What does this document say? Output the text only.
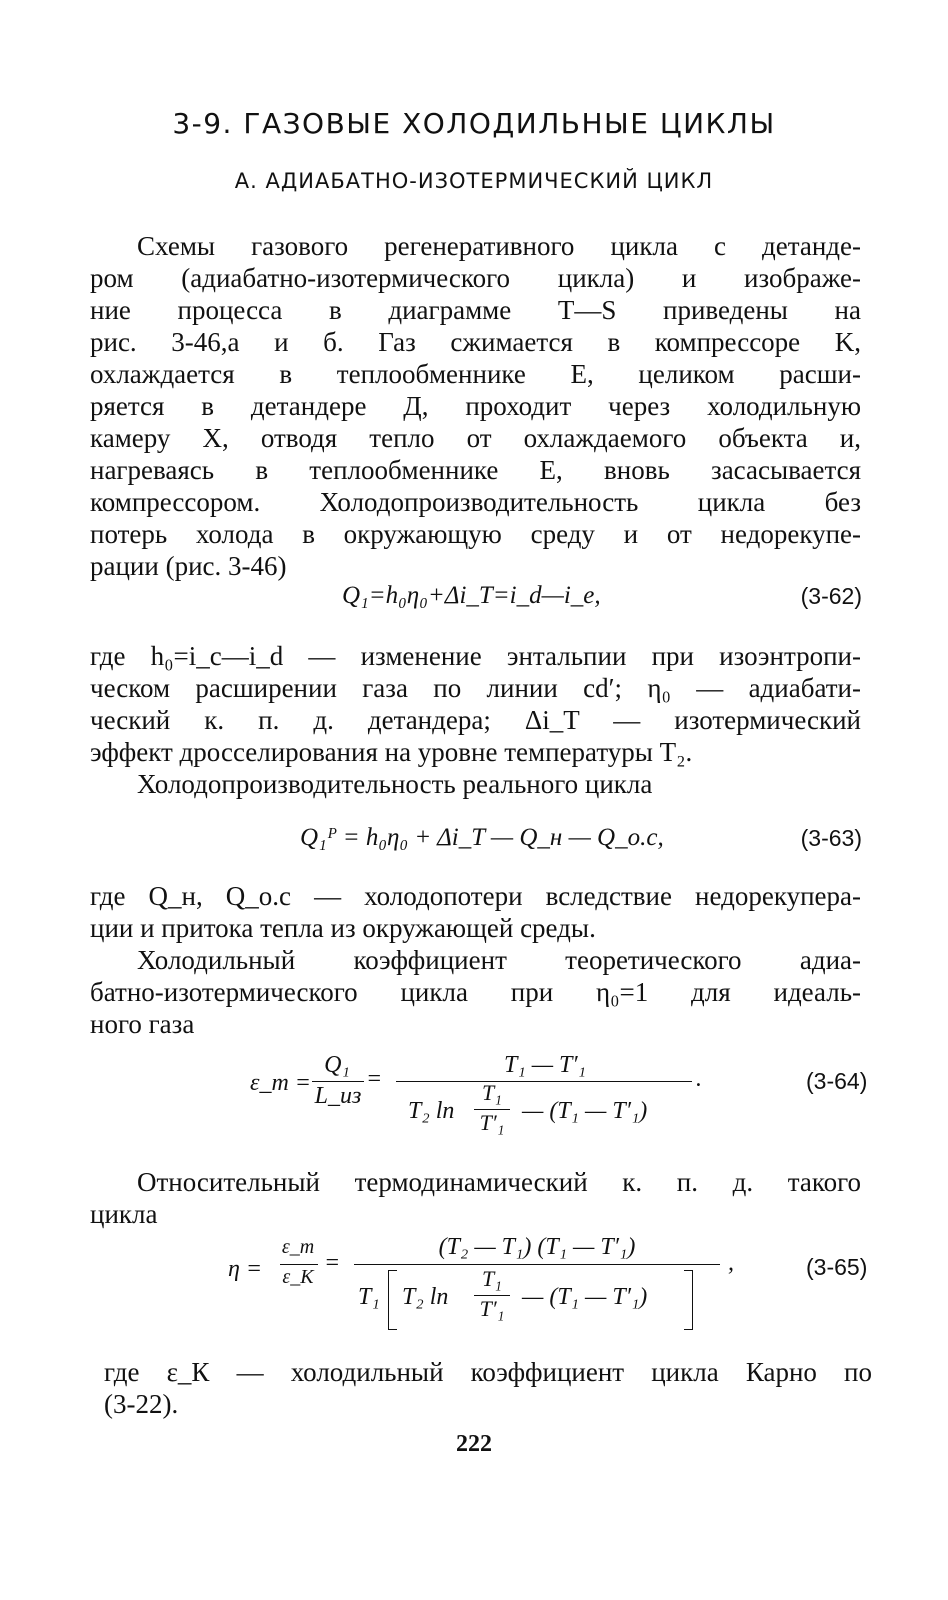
3-9. ГАЗОВЫЕ ХОЛОДИЛЬНЫЕ ЦИКЛЫ
А. АДИАБАТНО-ИЗОТЕРМИЧЕСКИЙ ЦИКЛ
Схемы газового регенеративного цикла с детанде-
ром (адиабатно-изотермического цикла) и изображе-
ние процесса в диаграмме T—S приведены на
рис. 3-46,а и б. Газ сжимается в компрессоре K,
охлаждается в теплообменнике E, целиком расши-
ряется в детандере Д, проходит через холодильную
камеру X, отводя тепло от охлаждаемого объекта и,
нагреваясь в теплообменнике E, вновь засасывается
компрессором. Холодопроизводительность цикла без
потерь холода в окружающую среду и от недорекупе-
рации (рис. 3-46)
Q₁=h₀η₀+Δi_T=i_d—i_e,	(3-62)
где h₀=i_c—i_d — изменение энтальпии при изоэнтропи-
ческом расширении газа по линии cd′; η₀ — адиабати-
ческий к. п. д. детандера; Δi_T — изотермический
эффект дросселирования на уровне температуры T₂.
Холодопроизводительность реального цикла
Q₁ᴾ = h₀η₀ + Δi_T — Q_н — Q_о.с,	(3-63)
где Q_н, Q_о.с — холодопотери вследствие недорекупера-
ции и притока тепла из окружающей среды.
Холодильный коэффициент теоретического адиа-
батно-изотермического цикла при η₀=1 для идеаль-
ного газа
ε_т =
Q₁
L_из
=
T₁ — T′₁
T₂ ln
T₁
T′₁ — (T₁ — T′₁)
.	(3-64)
Относительный термодинамический к. п. д. такого
цикла
η =
ε_т
ε_К
=
(T₂ — T₁) (T₁ — T′₁)
T₁ T₂ ln
T₁
T′₁ — (T₁ — T′₁)
,	(3-65)
где ε_К — холодильный коэффициент цикла Карно по
(3-22).
222
